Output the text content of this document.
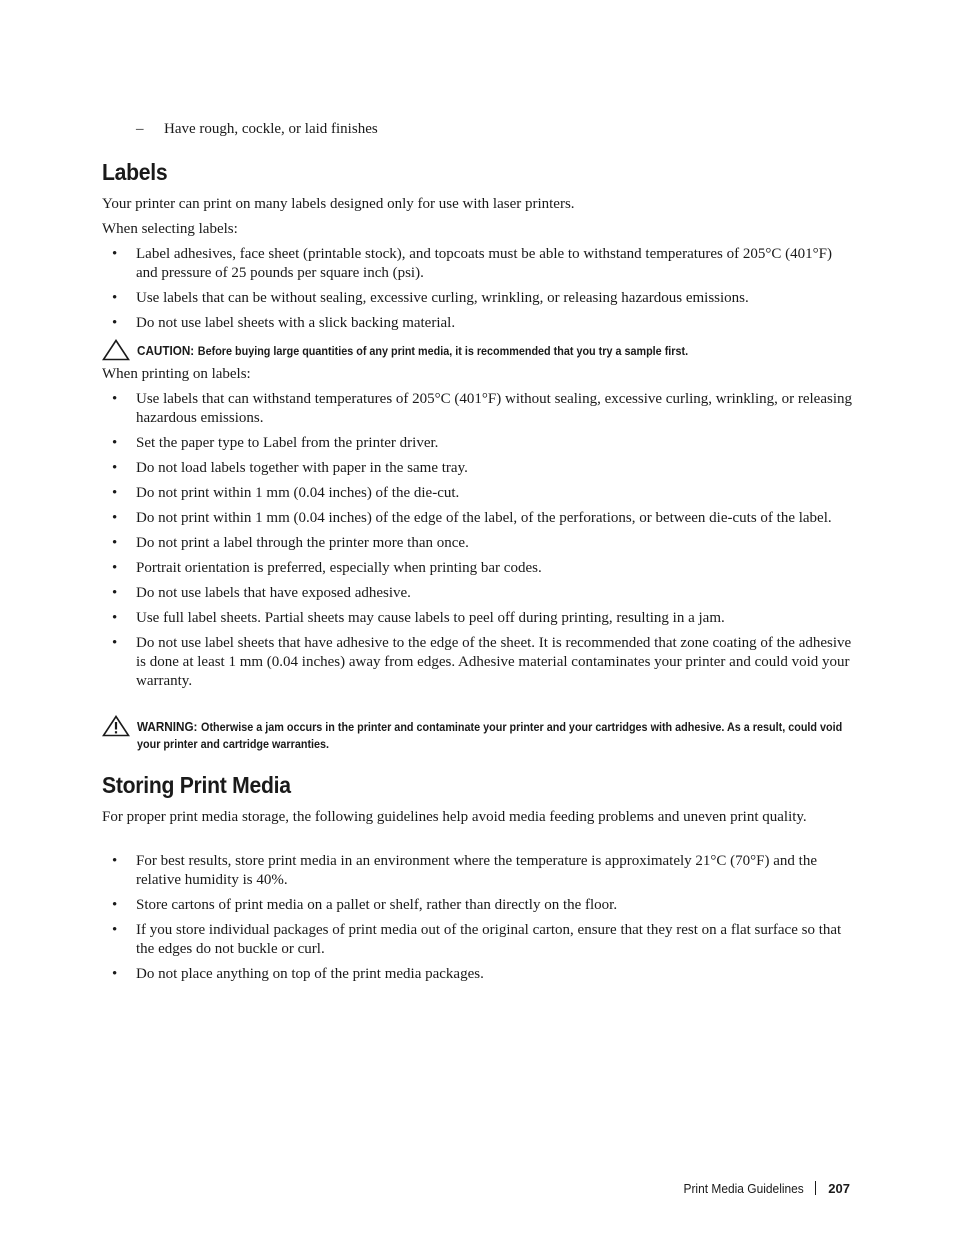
–	Have rough, cockle, or laid finishes
Labels

Your printer can print on many labels designed only for use with laser printers.

When selecting labels:

• Label adhesives, face sheet (printable stock), and topcoats must be able to withstand temperatures of 205°C (401°F) and pressure of 25 pounds per square inch (psi).
• Use labels that can be without sealing, excessive curling, wrinkling, or releasing hazardous emissions.
• Do not use label sheets with a slick backing material.
CAUTION: Before buying large quantities of any print media, it is recommended that you try a sample first.

When printing on labels:

• Use labels that can withstand temperatures of 205°C (401°F) without sealing, excessive curling, wrinkling, or releasing hazardous emissions.
• Set the paper type to Label from the printer driver.
• Do not load labels together with paper in the same tray.
• Do not print within 1 mm (0.04 inches) of the die-cut.
• Do not print within 1 mm (0.04 inches) of the edge of the label, of the perforations, or between die-cuts of the label.
• Do not print a label through the printer more than once.
• Portrait orientation is preferred, especially when printing bar codes.
• Do not use labels that have exposed adhesive.
• Use full label sheets. Partial sheets may cause labels to peel off during printing, resulting in a jam.
• Do not use label sheets that have adhesive to the edge of the sheet. It is recommended that zone coating of the adhesive is done at least 1 mm (0.04 inches) away from edges. Adhesive material contaminates your printer and could void your warranty.
WARNING: Otherwise a jam occurs in the printer and contaminate your printer and your cartridges with adhesive. As a result, could void your printer and cartridge warranties.
Storing Print Media

For proper print media storage, the following guidelines help avoid media feeding problems and uneven print quality.

• For best results, store print media in an environment where the temperature is approximately 21°C (70°F) and the relative humidity is 40%.
• Store cartons of print media on a pallet or shelf, rather than directly on the floor.
• If you store individual packages of print media out of the original carton, ensure that they rest on a flat surface so that the edges do not buckle or curl.
• Do not place anything on top of the print media packages.
Print Media Guidelines 207
